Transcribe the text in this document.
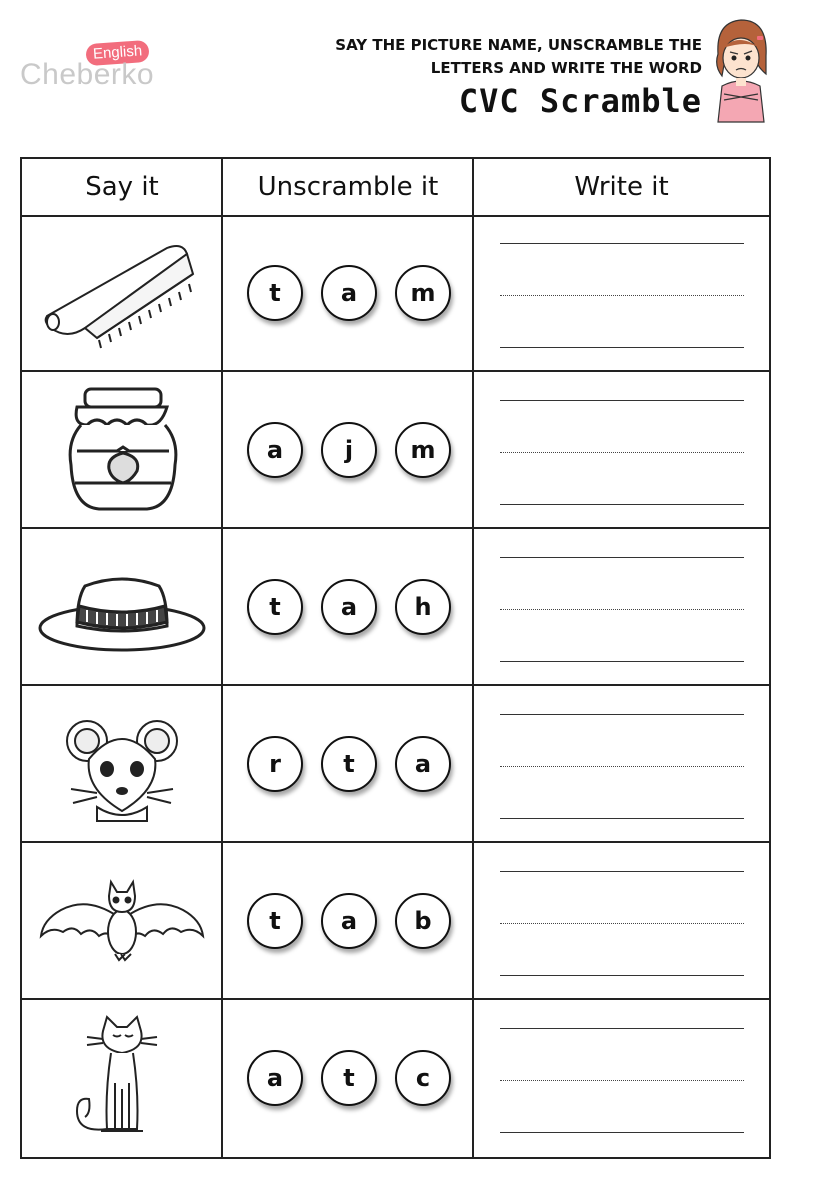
English
Cheberko
SAY THE PICTURE NAME, UNSCRAMBLE THE
LETTERS AND WRITE THE WORD
CVC Scramble
Say it	Unscramble it	Write it
t	a	m
a	j	m
t	a	h
r	t	a
t	a	b
a	t	c
